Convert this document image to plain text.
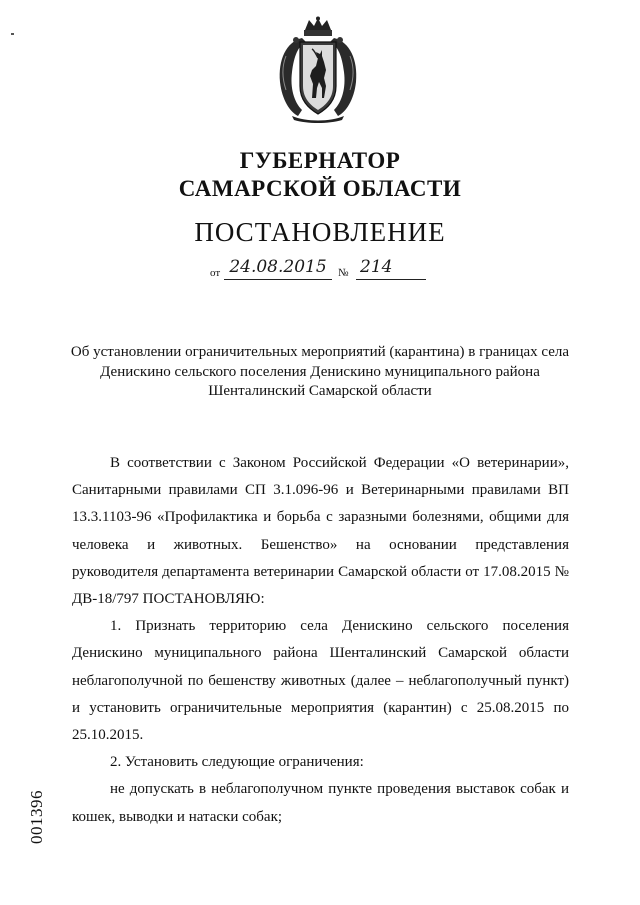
ГУБЕРНАТОР
САМАРСКОЙ ОБЛАСТИ
ПОСТАНОВЛЕНИЕ
от 24.08.2015	№ 214
Об установлении ограничительных мероприятий (карантина) в границах села Денискино сельского поселения Денискино муниципального района Шенталинский Самарской области

В соответствии с Законом Российской Федерации «О ветеринарии», Санитарными правилами СП 3.1.096-96 и Ветеринарными правилами ВП 13.3.1103-96 «Профилактика и борьба с заразными болезнями, общими для человека и животных. Бешенство» на основании представления руководителя департамента ветеринарии Самарской области от 17.08.2015 № ДВ-18/797 ПОСТАНОВЛЯЮ:

1. Признать территорию села Денискино сельского поселения Денискино муниципального района Шенталинский Самарской области неблагополучной по бешенству животных (далее – неблагополучный пункт) и установить ограничительные мероприятия (карантин) с 25.08.2015 по 25.10.2015.

2. Установить следующие ограничения:

не допускать в неблагополучном пункте проведения выставок собак и кошек, выводки и натаски собак;

001396
